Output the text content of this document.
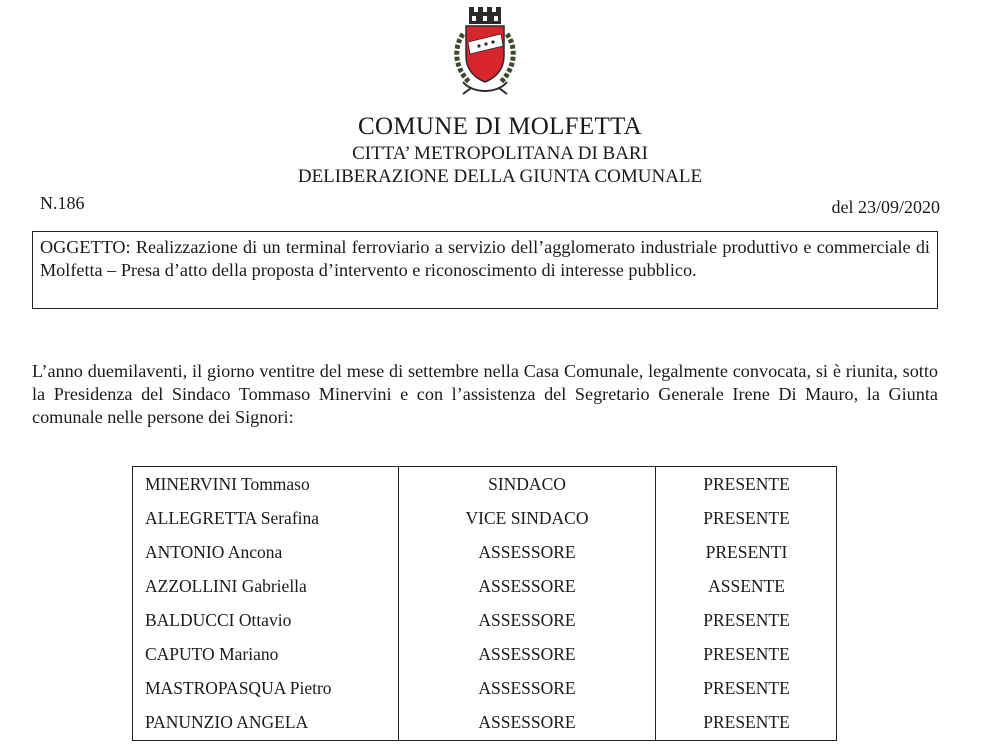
COMUNE DI MOLFETTA
CITTA’ METROPOLITANA DI BARI
DELIBERAZIONE DELLA GIUNTA COMUNALE
N.186	del 23/09/2020
OGGETTO: Realizzazione di un terminal ferroviario a servizio dell’agglomerato industriale produttivo e commerciale di Molfetta – Presa d’atto della proposta d’intervento e riconoscimento di interesse pubblico.
L’anno duemilaventi, il giorno ventitre del mese di settembre nella Casa Comunale, legalmente convocata, si è riunita, sotto la Presidenza del Sindaco Tommaso Minervini e con l’assistenza del Segretario Generale Irene Di Mauro, la Giunta comunale nelle persone dei Signori:
MINERVINI Tommaso	SINDACO	PRESENTE
ALLEGRETTA Serafina	VICE SINDACO	PRESENTE
ANTONIO Ancona	ASSESSORE	PRESENTI
AZZOLLINI Gabriella	ASSESSORE	ASSENTE
BALDUCCI Ottavio	ASSESSORE	PRESENTE
CAPUTO Mariano	ASSESSORE	PRESENTE
MASTROPASQUA Pietro	ASSESSORE	PRESENTE
PANUNZIO ANGELA	ASSESSORE	PRESENTE
